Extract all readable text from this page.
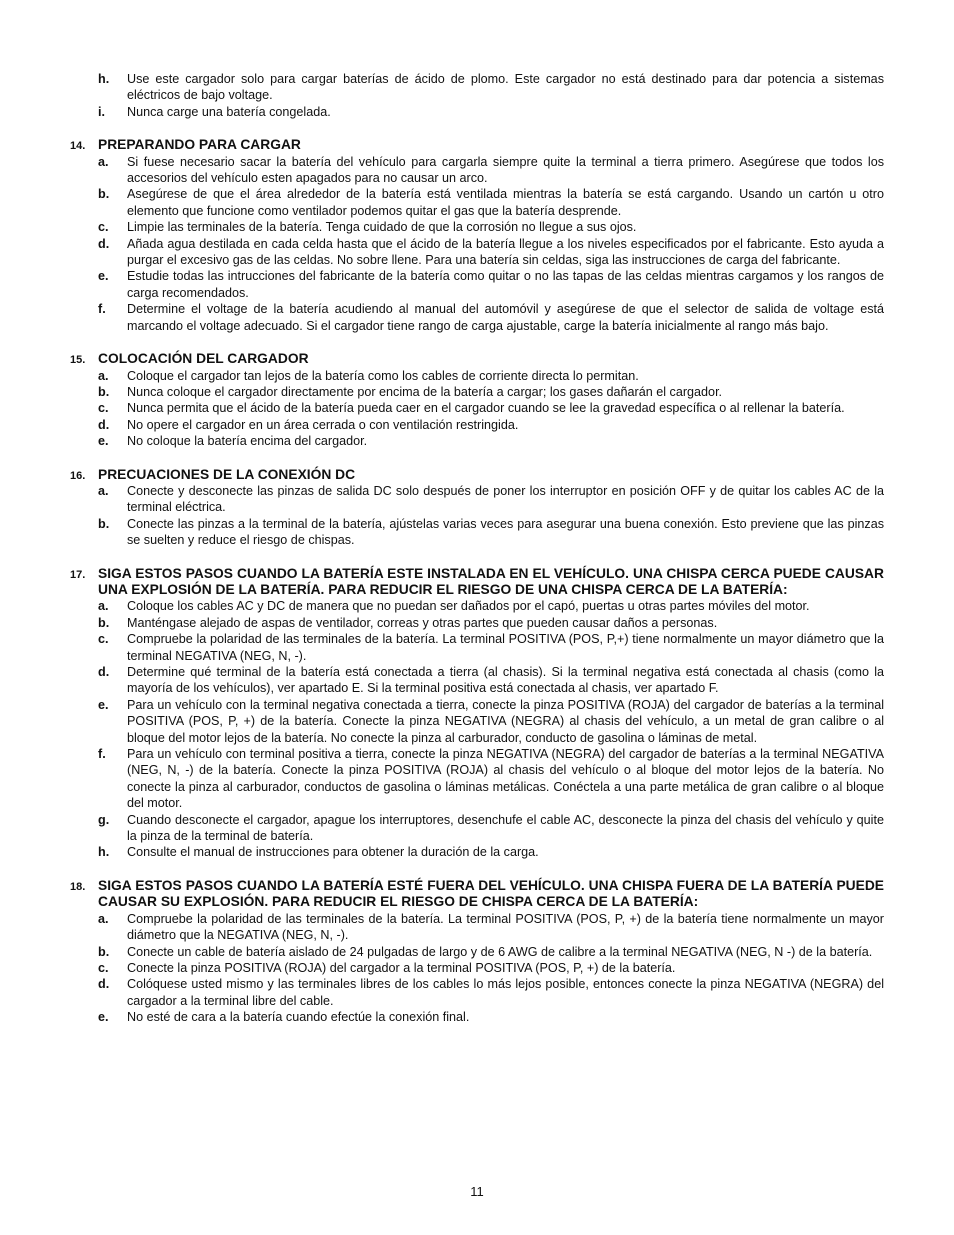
h. Use este cargador solo para cargar baterías de ácido de plomo. Este cargador no está destinado para dar potencia a sistemas eléctricos de bajo voltage.
i. Nunca carge una batería congelada.
14. PREPARANDO PARA CARGAR
a. Si fuese necesario sacar la batería del vehículo para cargarla siempre quite la terminal a tierra primero. Asegúrese que todos los accesorios del vehículo esten apagados para no causar un arco.
b. Asegúrese de que el área alrededor de la batería está ventilada mientras la batería se está cargando. Usando un cartón u otro elemento que funcione como ventilador podemos quitar el gas que la batería desprende.
c. Limpie las terminales de la batería. Tenga cuidado de que la corrosión no llegue a sus ojos.
d. Añada agua destilada en cada celda hasta que el ácido de la batería llegue a los niveles especificados por el fabricante. Esto ayuda a purgar el excesivo gas de las celdas. No sobre llene. Para una batería sin celdas, siga las instrucciones de carga del fabricante.
e. Estudie todas las intrucciones del fabricante de la batería como quitar o no las tapas de las celdas mientras cargamos y los rangos de carga recomendados.
f. Determine el voltage de la batería acudiendo al manual del automóvil y asegúrese de que el selector de salida de voltage está marcando el voltage adecuado. Si el cargador tiene rango de carga ajustable, carge la batería inicialmente al rango más bajo.
15. COLOCACIÓN DEL CARGADOR
a. Coloque el cargador tan lejos de la batería como los cables de corriente directa lo permitan.
b. Nunca coloque el cargador directamente por encima de la batería a cargar; los gases dañarán el cargador.
c. Nunca permita que el ácido de la batería pueda caer en el cargador cuando se lee la gravedad específica o al rellenar la batería.
d. No opere el cargador en un área cerrada o con ventilación restringida.
e. No coloque la batería encima del cargador.
16. PRECUACIONES DE LA CONEXIÓN DC
a. Conecte y desconecte las pinzas de salida DC solo después de poner los interruptor en posición OFF y de quitar los cables AC de la terminal eléctrica.
b. Conecte las pinzas a la terminal de la batería, ajústelas varias veces para asegurar una buena conexión. Esto previene que las pinzas se suelten y reduce el riesgo de chispas.
17. SIGA ESTOS PASOS CUANDO LA BATERÍA ESTE INSTALADA EN EL VEHÍCULO. UNA CHISPA CERCA PUEDE CAUSAR UNA EXPLOSIÓN DE LA BATERÍA. PARA REDUCIR EL RIESGO DE UNA CHISPA CERCA DE LA BATERÍA:
a. Coloque los cables AC y DC de manera que no puedan ser dañados por el capó, puertas u otras partes móviles del motor.
b. Manténgase alejado de aspas de ventilador, correas y otras partes que pueden causar daños a personas.
c. Compruebe la polaridad de las terminales de la batería. La terminal POSITIVA (POS, P,+) tiene normalmente un mayor diámetro que la terminal NEGATIVA (NEG, N, -).
d. Determine qué terminal de la batería está conectada a tierra (al chasis). Si la terminal negativa está conectada al chasis (como la mayoría de los vehículos), ver apartado E. Si la terminal positiva está conectada al chasis, ver apartado F.
e. Para un vehículo con la terminal negativa conectada a tierra, conecte la pinza POSITIVA (ROJA) del cargador de baterías a la terminal POSITIVA (POS, P, +) de la batería. Conecte la pinza NEGATIVA (NEGRA) al chasis del vehículo, a un metal de gran calibre o al bloque del motor lejos de la batería. No conecte la pinza al carburador, conducto de gasolina o láminas de metal.
f. Para un vehículo con terminal positiva a tierra, conecte la pinza NEGATIVA (NEGRA) del cargador de baterías a la terminal NEGATIVA (NEG, N, -) de la batería. Conecte la pinza POSITIVA (ROJA) al chasis del vehículo o al bloque del motor lejos de la batería. No conecte la pinza al carburador, conductos de gasolina o láminas metálicas. Conéctela a una parte metálica de gran calibre o al bloque del motor.
g. Cuando desconecte el cargador, apague los interruptores, desenchufe el cable AC, desconecte la pinza del chasis del vehículo y quite la pinza de la terminal de batería.
h. Consulte el manual de instrucciones para obtener la duración de la carga.
18. SIGA ESTOS PASOS CUANDO LA BATERÍA ESTÉ FUERA DEL VEHÍCULO. UNA CHISPA FUERA DE LA BATERÍA PUEDE CAUSAR SU EXPLOSIÓN. PARA REDUCIR EL RIESGO DE CHISPA CERCA DE LA BATERÍA:
a. Compruebe la polaridad de las terminales de la batería. La terminal POSITIVA (POS, P, +) de la batería tiene normalmente un mayor diámetro que la NEGATIVA (NEG, N, -).
b. Conecte un cable de batería aislado de 24 pulgadas de largo y de 6 AWG de calibre a la terminal NEGATIVA (NEG, N -) de la batería.
c. Conecte la pinza POSITIVA (ROJA) del cargador a la terminal POSITIVA (POS, P, +) de la batería.
d. Colóquese usted mismo y las terminales libres de los cables lo más lejos posible, entonces conecte la pinza NEGATIVA (NEGRA) del cargador a la terminal libre del cable.
e. No esté de cara a la batería cuando efectúe la conexión final.
11
